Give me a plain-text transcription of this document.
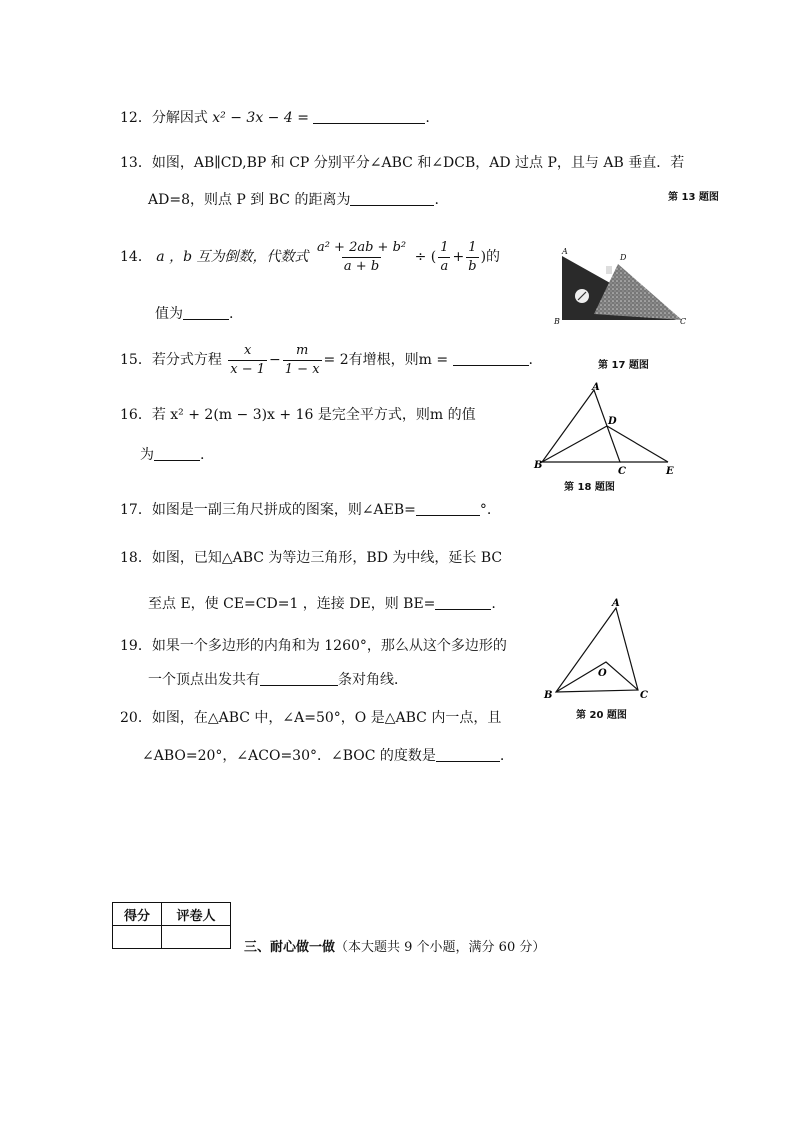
12．分解因式 x² − 3x − 4 =	.
13．如图，AB∥CD,BP 和 CP 分别平分∠ABC 和∠DCB，AD 过点 P，且与 AB 垂直．若
AD=8，则点 P 到 BC 的距离为	.	第 13 题图
14． a ，b 互为倒数，代数式 $\frac{\text{a² + 2ab + b²}}{a + b}$ ÷ ( $\frac{1}{a} + \frac{1}{b}$ )的
值为	.
A
D
B	C
第 17 题图
15．若分式方程 $\frac{x}{x - 1} - \frac{m}{1 - x} = 2$有增根，则m =	.
A
D
B
C	E
第 18 题图
16．若 x² + 2(m − 3)x + 16 是完全平方式，则m 的值
为	.
17．如图是一副三角尺拼成的图案，则∠AEB=	°.
18．如图，已知△ABC 为等边三角形，BD 为中线，延长 BC
至点 E，使 CE=CD=1 ，连接 DE，则 BE=	.	A
O
B	C
第 20 题图
19．如果一个多边形的内角和为 1260°，那么从这个多边形的
一个顶点出发共有	条对角线．
20．如图，在△ABC 中，∠A=50°，O 是△ABC 内一点，且
∠ABO=20°，∠ACO=30°．∠BOC 的度数是	.
得分	评卷人

三、耐心做一做（本大题共 9 个小题，满分 60 分）
